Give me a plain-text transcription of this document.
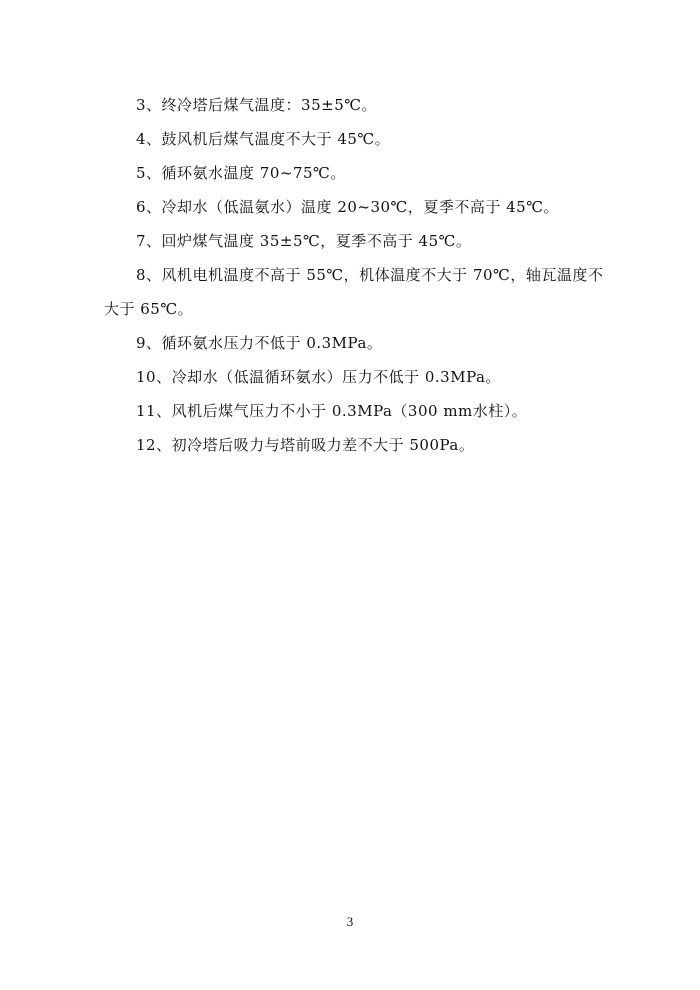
3、终冷塔后煤气温度：35±5℃。

4、鼓风机后煤气温度不大于 45℃。

5、循环氨水温度 70~75℃。

6、冷却水（低温氨水）温度 20~30℃，夏季不高于 45℃。

7、回炉煤气温度 35±5℃，夏季不高于 45℃。

8、风机电机温度不高于 55℃，机体温度不大于 70℃，轴瓦温度不大于 65℃。

9、循环氨水压力不低于 0.3MPa。

10、冷却水（低温循环氨水）压力不低于 0.3MPa。

11、风机后煤气压力不小于 0.3MPa（300 mm水柱）。

12、初冷塔后吸力与塔前吸力差不大于 500Pa。

3
